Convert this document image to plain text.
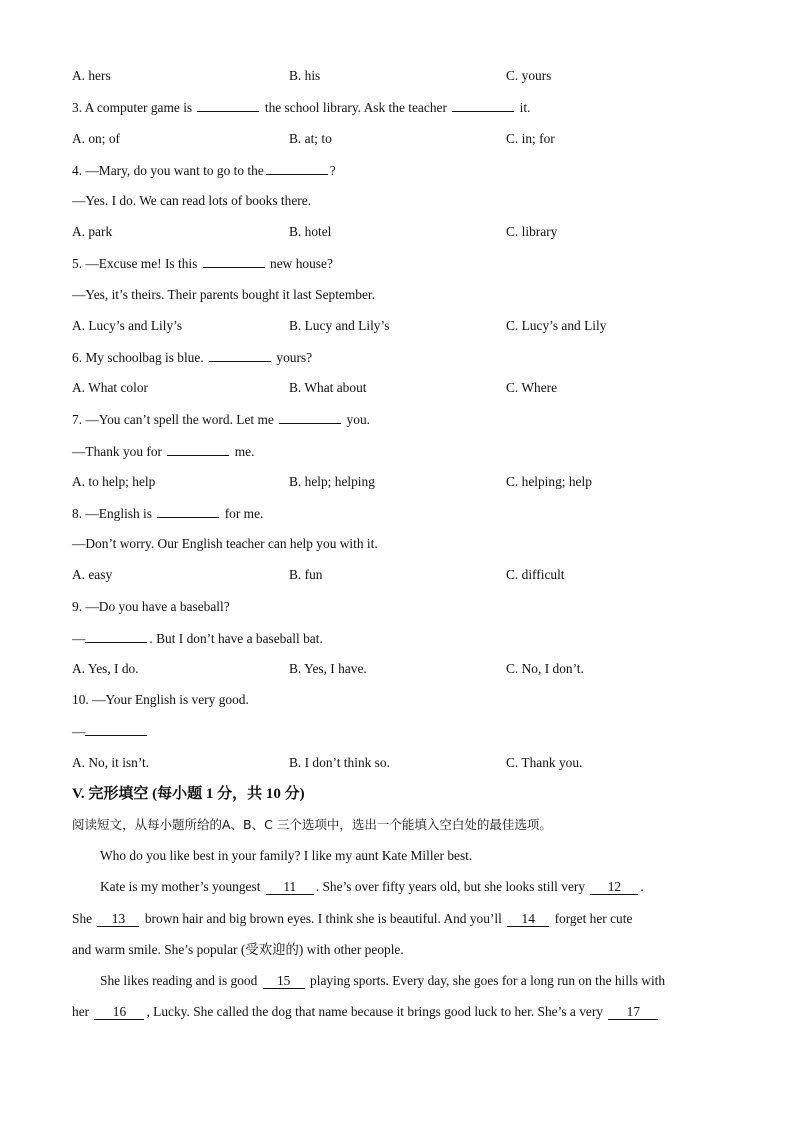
A. hers	B. his	C. yours
3. A computer game is	the school library. Ask the teacher	it.
A. on; of	B. at; to	C. in; for
4. —Mary, do you want to go to the	?
—Yes. I do. We can read lots of books there.
A. park	B. hotel	C. library
5. —Excuse me! Is this	new house?
—Yes, it’s theirs. Their parents bought it last September.
A. Lucy’s and Lily’s	B. Lucy and Lily’s	C. Lucy’s and Lily
6. My schoolbag is blue.	yours?
A. What color	B. What about	C. Where
7. —You can’t spell the word. Let me	you.
—Thank you for	me.
A. to help; help	B. help; helping	C. helping; help
8. —English is	for me.
—Don’t worry. Our English teacher can help you with it.
A. easy	B. fun	C. difficult
9. —Do you have a baseball?
—	. But I don’t have a baseball bat.
A. Yes, I do.	B. Yes, I have.	C. No, I don’t.
10. —Your English is very good.
—
A. No, it isn’t.	B. I don’t think so.	C. Thank you.
V. 完形填空 (每小题 1 分，共 10 分)
阅读短文，从每小题所给的A、B、C 三个选项中，选出一个能填入空白处的最佳选项。
Who do you like best in your family? I like my aunt Kate Miller best.
Kate is my mother’s youngest 11 . She’s over fifty years old, but she looks still very 12 .
She 13 brown hair and big brown eyes. I think she is beautiful. And you’ll 14 forget her cute
and warm smile. She’s popular (受欢迎的) with other people.
She likes reading and is good 15 playing sports. Every day, she goes for a long run on the hills with
her 16 , Lucky. She called the dog that name because it brings good luck to her. She’s a very 17
